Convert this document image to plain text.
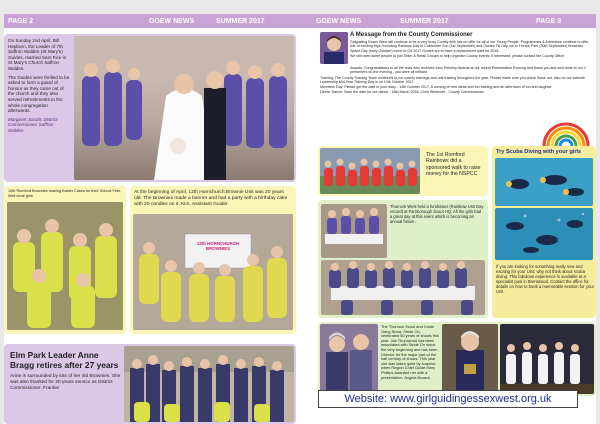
PAGE 2	GGEW NEWS	SUMMER 2017

On Sunday 2nd April, Bill Hepburn, the Leader of 7th Saffron Walden (St Mary's) Guides, married Sam Fice in St Mary's Church Saffron Walden.

The Guides were thrilled to be asked to form a guard of honour as they came out of the church and they also served refreshments to the whole congregation afterwards.

Margaret Jacobs District Commissioner Saffron Walden

10th Romford Brownies making Easter Cakes for their School Fete. Well done girls
At the beginning of April, 12th Hornchurch Brownie Unit was 20 years old. The Brownies made a banner and had a party with a birthday cake with 20 candles on it. Kim, Assistant Guider.
12th HORNCHURCH BROWNIES
Elm Park Leader Anne Bragg retires after 27 years
Anne is surrounded by lots of her old Brownies. She was also thanked for 20 years service as District Commissioner. Frankie
GGEW NEWS	SUMMER 2017	PAGE 3
A Message from the County Commissioner

Girlguiding Essex West will continue to be a very busy County with lots on offer for all of our Young People. Programmes & Adventure continue to offer lots of exciting trips, including Rainbow Day to Colchester Zoo (1st September) and Guides Tilt Day out to Thorpe Park (30th September) Brownies Space Day (early October) come to Go 2017 Guides are to have a replacement date for 2018.

We still need some people to join Team & Retail Groups to help organise County events. If interested, please contact the County Office.

Awards: Congratulations to all the units who received Jack Petchey Awards at our recent Presentation Evening and thank you and well done to our 4 performers on the evening - you were all brilliant.

Training: The County Training Team continues to run county trainings and unit training throughout the year. Please make sure you check these out, also on our website. Leadership Mid-Year Training Day is on 14th October 2017.

Members Day: Please get the date in your diary - 14th October 2017. A coming of new ideas and fun training and an afternoon of fun and laughter.

Dinner Dance: Save the date for our dance - 18th March 2018. Chris Whitmore - County Commissioner

The 1st Romford Rainbows did a sponsored walk to raise money for the NSPCC
Thurrock West held a fundraiser (Rainbow Unit Day record) at Farnborough Scout HQ. All the girls had a great day at this event which is becoming an annual fixture.
Try Scuba Diving with your girls
If you are looking for something really new and exciting for your Unit, why not think about scuba diving. This fabulous experience is available at a specialist pool in Brentwood. Contact the office for details on how to book a memorable session for your Unit.
The Thurrock Scout and Guide Gang Show, Stride On, celebrated 50 years of shows this year. Jan Thumwood has been associated with Stride On since the very beginning and has been Director for the major part of the half century of shows. This year she was taken quite by surprise when Region Chief Guide Mary Phillips awarded her with a presentation. Angela Broach
Website: www.girlguidingessexwest.org.uk
